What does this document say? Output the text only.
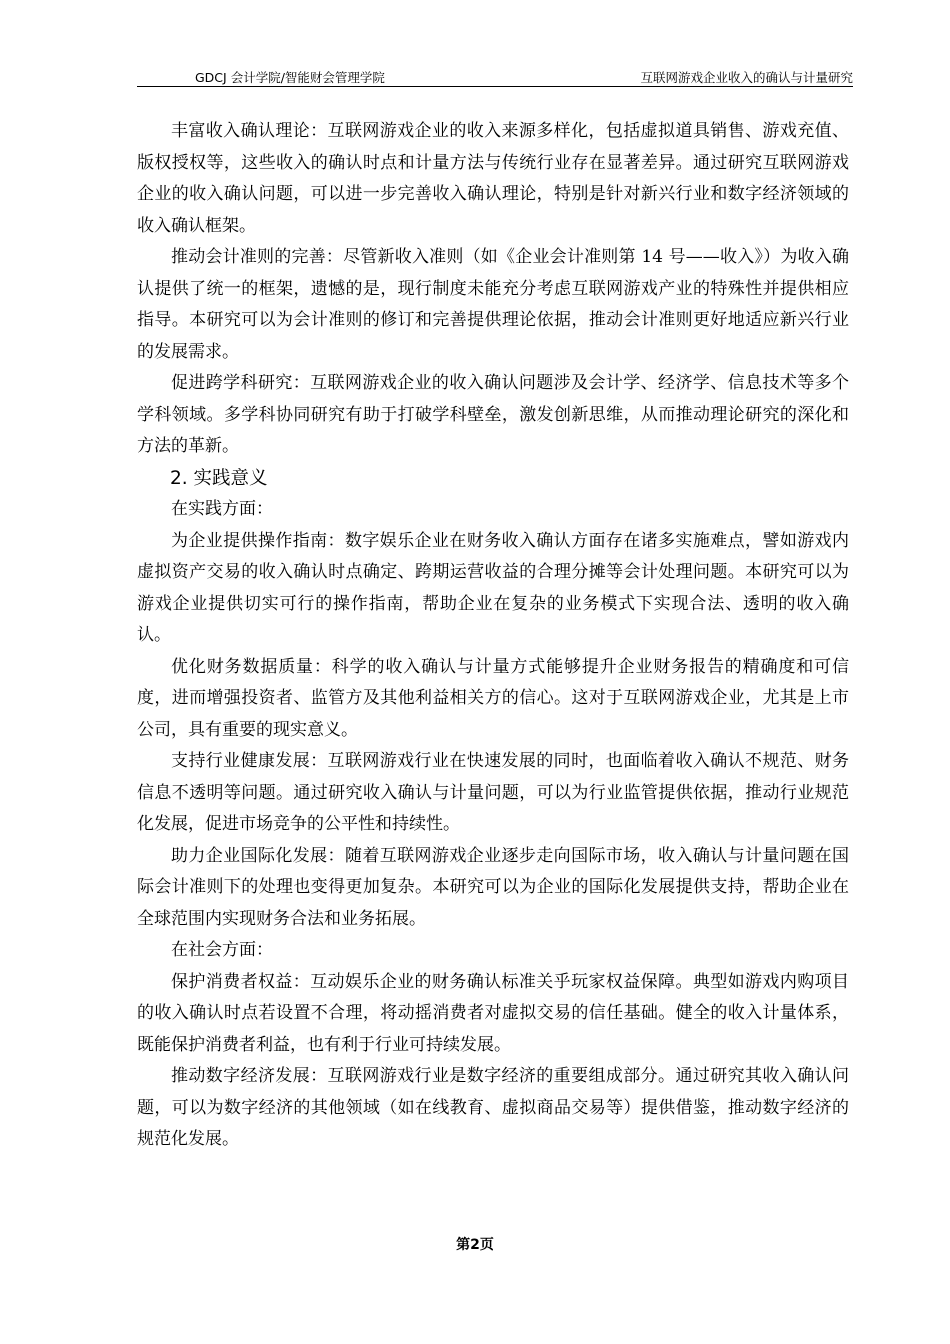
GDCJ 会计学院/智能财会管理学院	互联网游戏企业收入的确认与计量研究

丰富收入确认理论：互联网游戏企业的收入来源多样化，包括虚拟道具销售、游戏充值、版权授权等，这些收入的确认时点和计量方法与传统行业存在显著差异。通过研究互联网游戏企业的收入确认问题，可以进一步完善收入确认理论，特别是针对新兴行业和数字经济领域的收入确认框架。

推动会计准则的完善：尽管新收入准则（如《企业会计准则第 14 号——收入》）为收入确认提供了统一的框架，遗憾的是，现行制度未能充分考虑互联网游戏产业的特殊性并提供相应指导。本研究可以为会计准则的修订和完善提供理论依据，推动会计准则更好地适应新兴行业的发展需求。

促进跨学科研究：互联网游戏企业的收入确认问题涉及会计学、经济学、信息技术等多个学科领域。多学科协同研究有助于打破学科壁垒，激发创新思维，从而推动理论研究的深化和方法的革新。

2. 实践意义

在实践方面：

为企业提供操作指南：数字娱乐企业在财务收入确认方面存在诸多实施难点，譬如游戏内虚拟资产交易的收入确认时点确定、跨期运营收益的合理分摊等会计处理问题。本研究可以为游戏企业提供切实可行的操作指南，帮助企业在复杂的业务模式下实现合法、透明的收入确认。

优化财务数据质量：科学的收入确认与计量方式能够提升企业财务报告的精确度和可信度，进而增强投资者、监管方及其他利益相关方的信心。这对于互联网游戏企业，尤其是上市公司，具有重要的现实意义。

支持行业健康发展：互联网游戏行业在快速发展的同时，也面临着收入确认不规范、财务信息不透明等问题。通过研究收入确认与计量问题，可以为行业监管提供依据，推动行业规范化发展，促进市场竞争的公平性和持续性。

助力企业国际化发展：随着互联网游戏企业逐步走向国际市场，收入确认与计量问题在国际会计准则下的处理也变得更加复杂。本研究可以为企业的国际化发展提供支持，帮助企业在全球范围内实现财务合法和业务拓展。

在社会方面：

保护消费者权益：互动娱乐企业的财务确认标准关乎玩家权益保障。典型如游戏内购项目的收入确认时点若设置不合理，将动摇消费者对虚拟交易的信任基础。健全的收入计量体系，既能保护消费者利益，也有利于行业可持续发展。

推动数字经济发展：互联网游戏行业是数字经济的重要组成部分。通过研究其收入确认问题，可以为数字经济的其他领域（如在线教育、虚拟商品交易等）提供借鉴，推动数字经济的规范化发展。

第2页
